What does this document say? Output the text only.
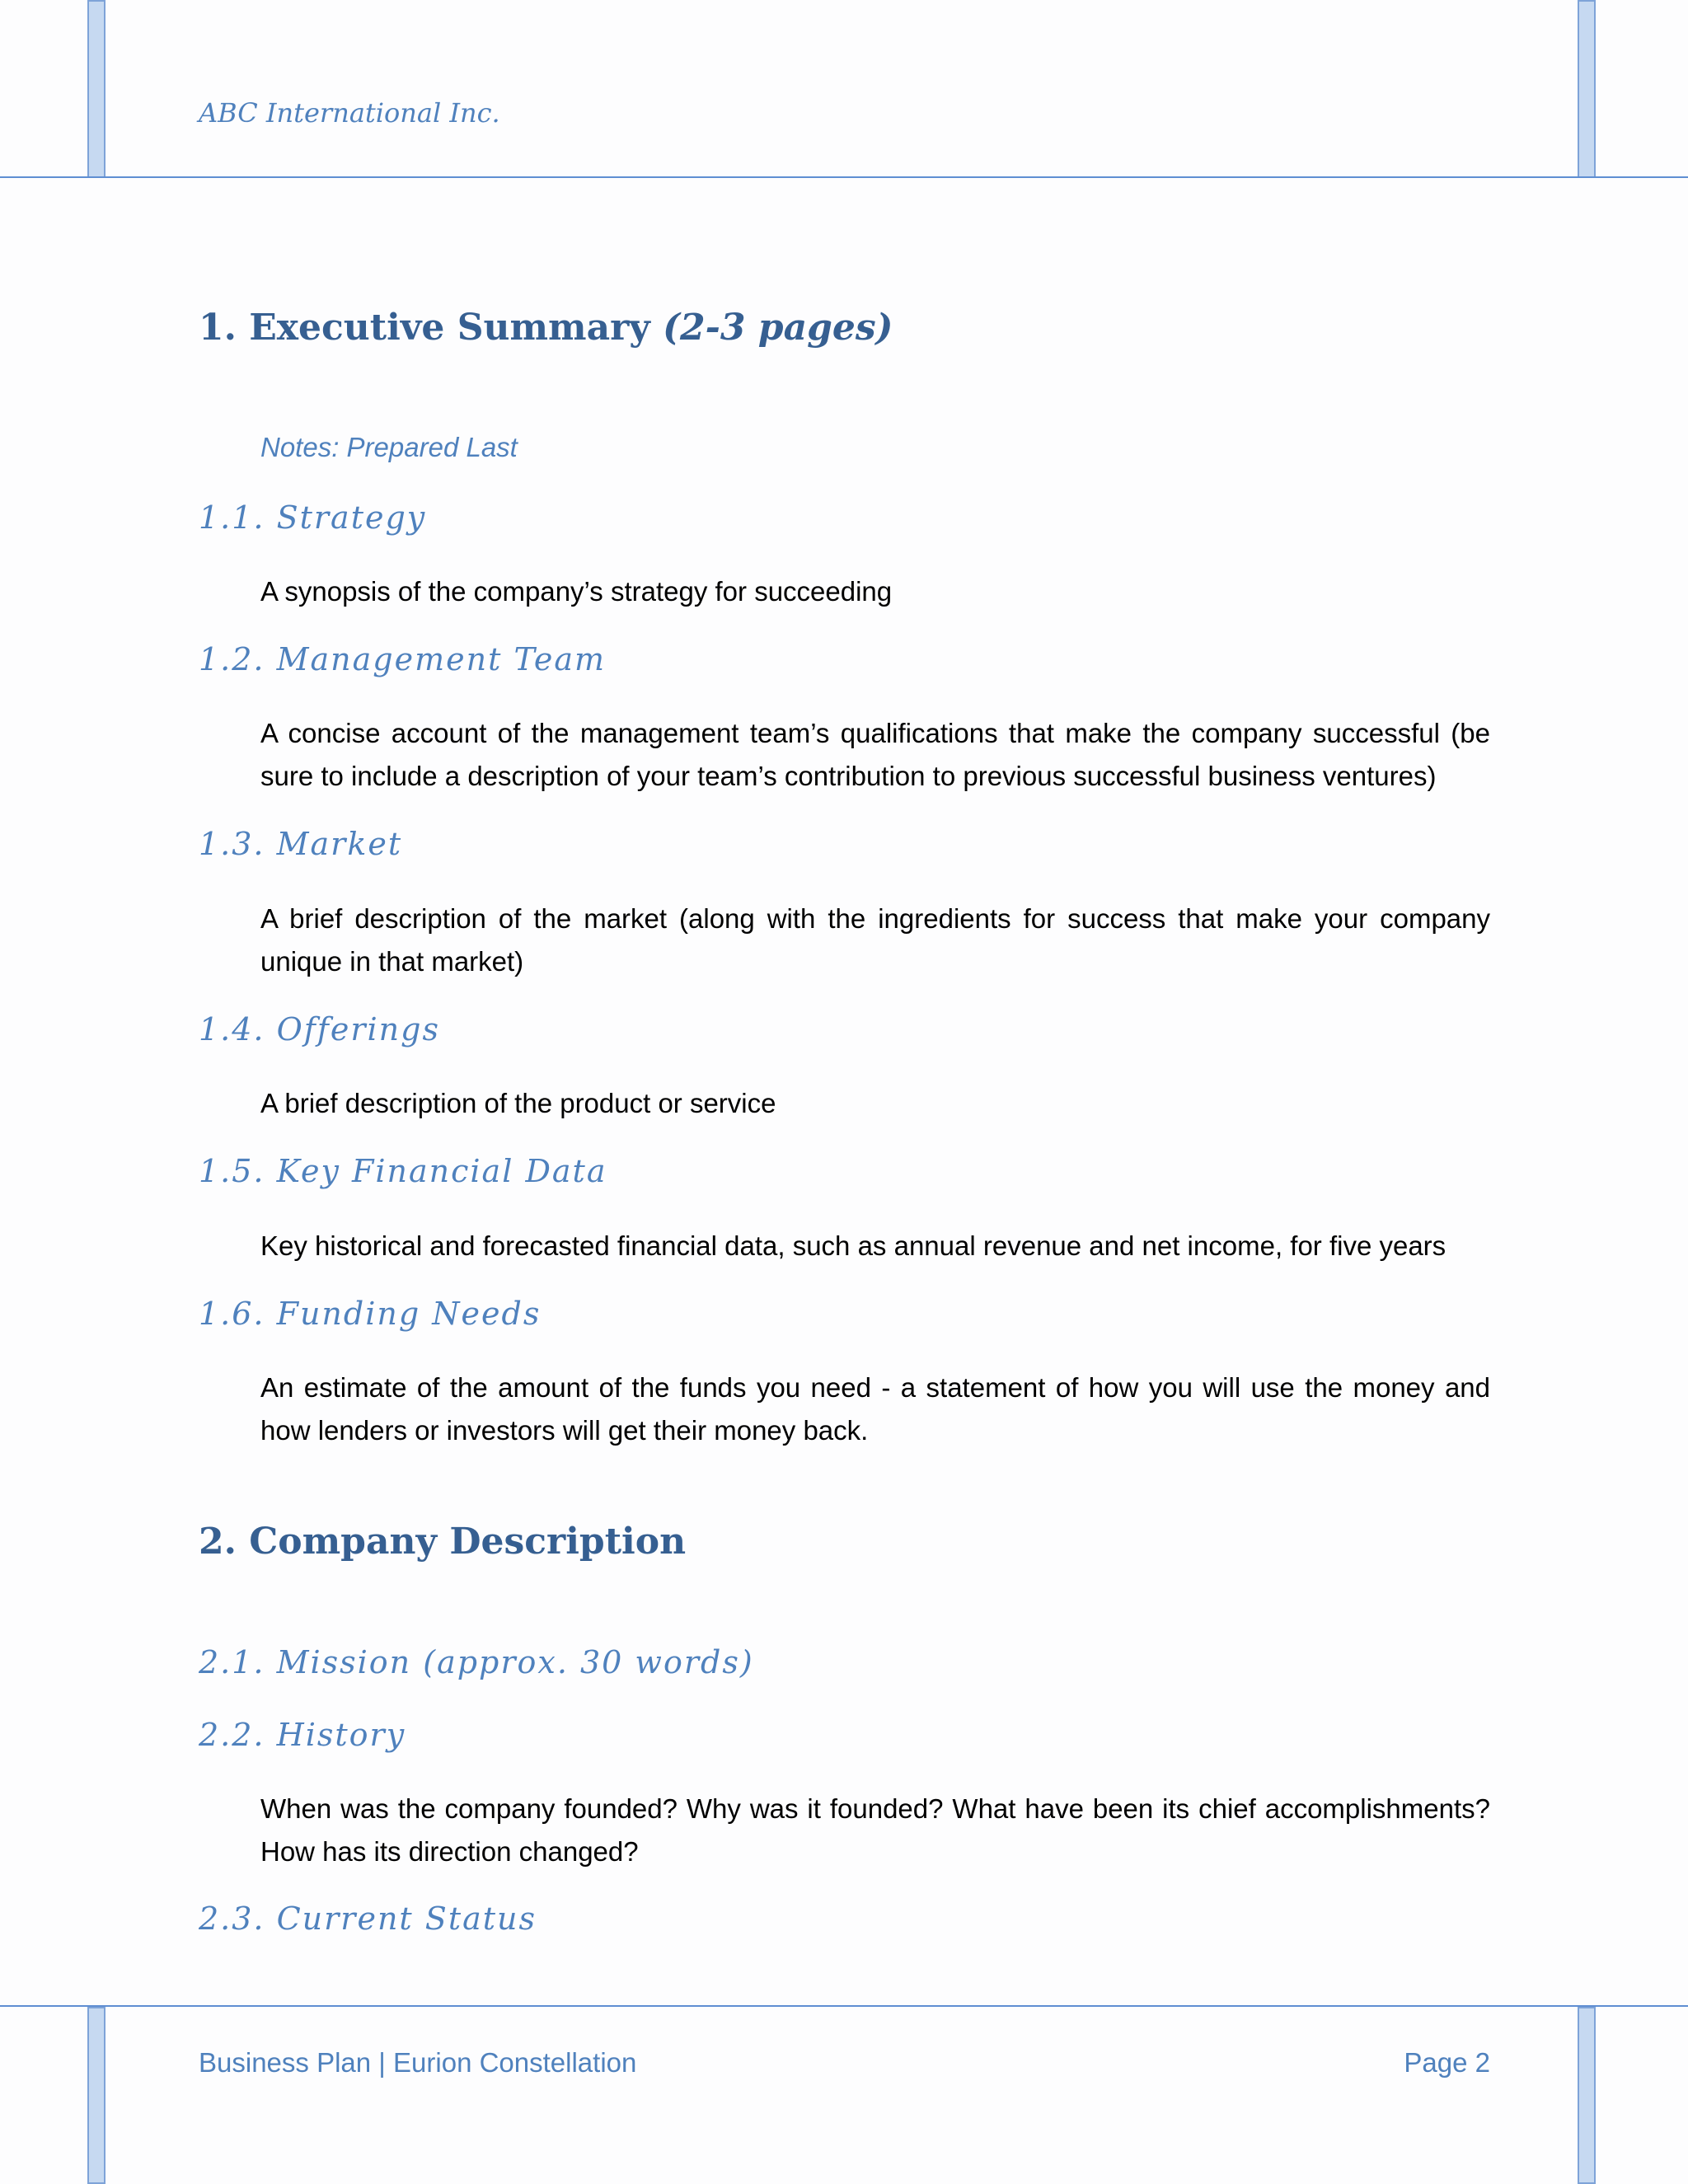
ABC International Inc.
1. Executive Summary (2-3 pages)
Notes: Prepared Last
1.1. Strategy
A synopsis of the company’s strategy for succeeding
1.2. Management Team
A concise account of the management team’s qualifications that make the company successful (be sure to include a description of your team’s contribution to previous successful business ventures)
1.3. Market
A brief description of the market (along with the ingredients for success that make your company unique in that market)
1.4. Offerings
A brief description of the product or service
1.5. Key Financial Data
Key historical and forecasted financial data, such as annual revenue and net income, for five years
1.6. Funding Needs
An estimate of the amount of the funds you need - a statement of how you will use the money and how lenders or investors will get their money back.
2. Company Description
2.1. Mission (approx. 30 words)
2.2. History
When was the company founded? Why was it founded? What have been its chief accomplishments? How has its direction changed?
2.3. Current Status
Business Plan | Eurion Constellation	Page 2
